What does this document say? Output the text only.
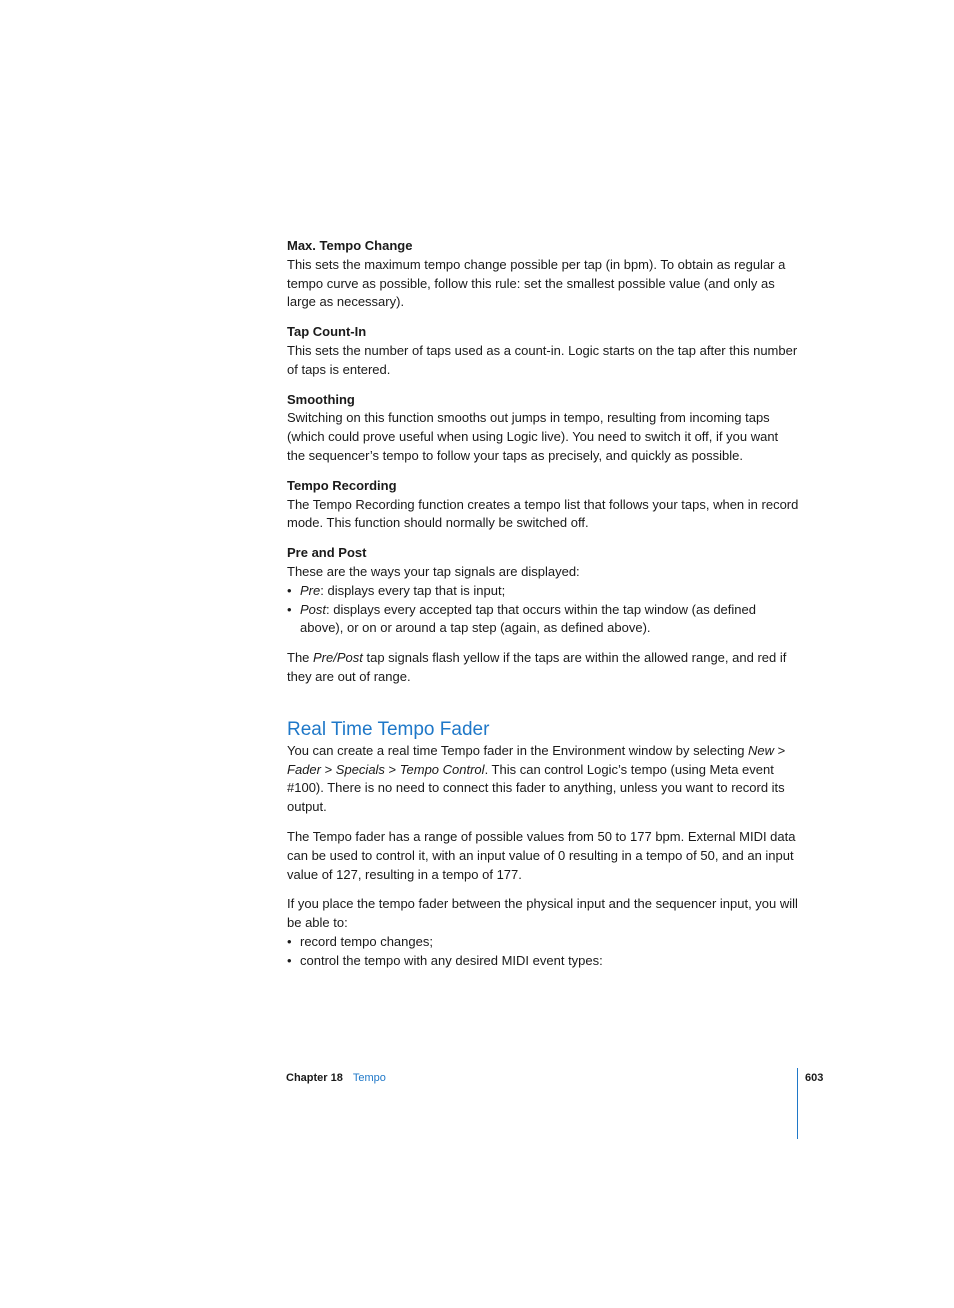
Max. Tempo Change

This sets the maximum tempo change possible per tap (in bpm). To obtain as regular a tempo curve as possible, follow this rule: set the smallest possible value (and only as large as necessary).

Tap Count-In

This sets the number of taps used as a count-in. Logic starts on the tap after this number of taps is entered.

Smoothing

Switching on this function smooths out jumps in tempo, resulting from incoming taps (which could prove useful when using Logic live). You need to switch it off, if you want the sequencer’s tempo to follow your taps as precisely, and quickly as possible.

Tempo Recording

The Tempo Recording function creates a tempo list that follows your taps, when in record mode. This function should normally be switched off.

Pre and Post

These are the ways your tap signals are displayed:

• Pre: displays every tap that is input;
• Post: displays every accepted tap that occurs within the tap window (as defined above), or on or around a tap step (again, as defined above).

The Pre/Post tap signals flash yellow if the taps are within the allowed range, and red if they are out of range.

Real Time Tempo Fader

You can create a real time Tempo fader in the Environment window by selecting New > Fader > Specials > Tempo Control. This can control Logic’s tempo (using Meta event #100). There is no need to connect this fader to anything, unless you want to record its output.

The Tempo fader has a range of possible values from 50 to 177 bpm. External MIDI data can be used to control it, with an input value of 0 resulting in a tempo of 50, and an input value of 127, resulting in a tempo of 177.

If you place the tempo fader between the physical input and the sequencer input, you will be able to:

• record tempo changes;
• control the tempo with any desired MIDI event types:
Chapter 18 Tempo	603
